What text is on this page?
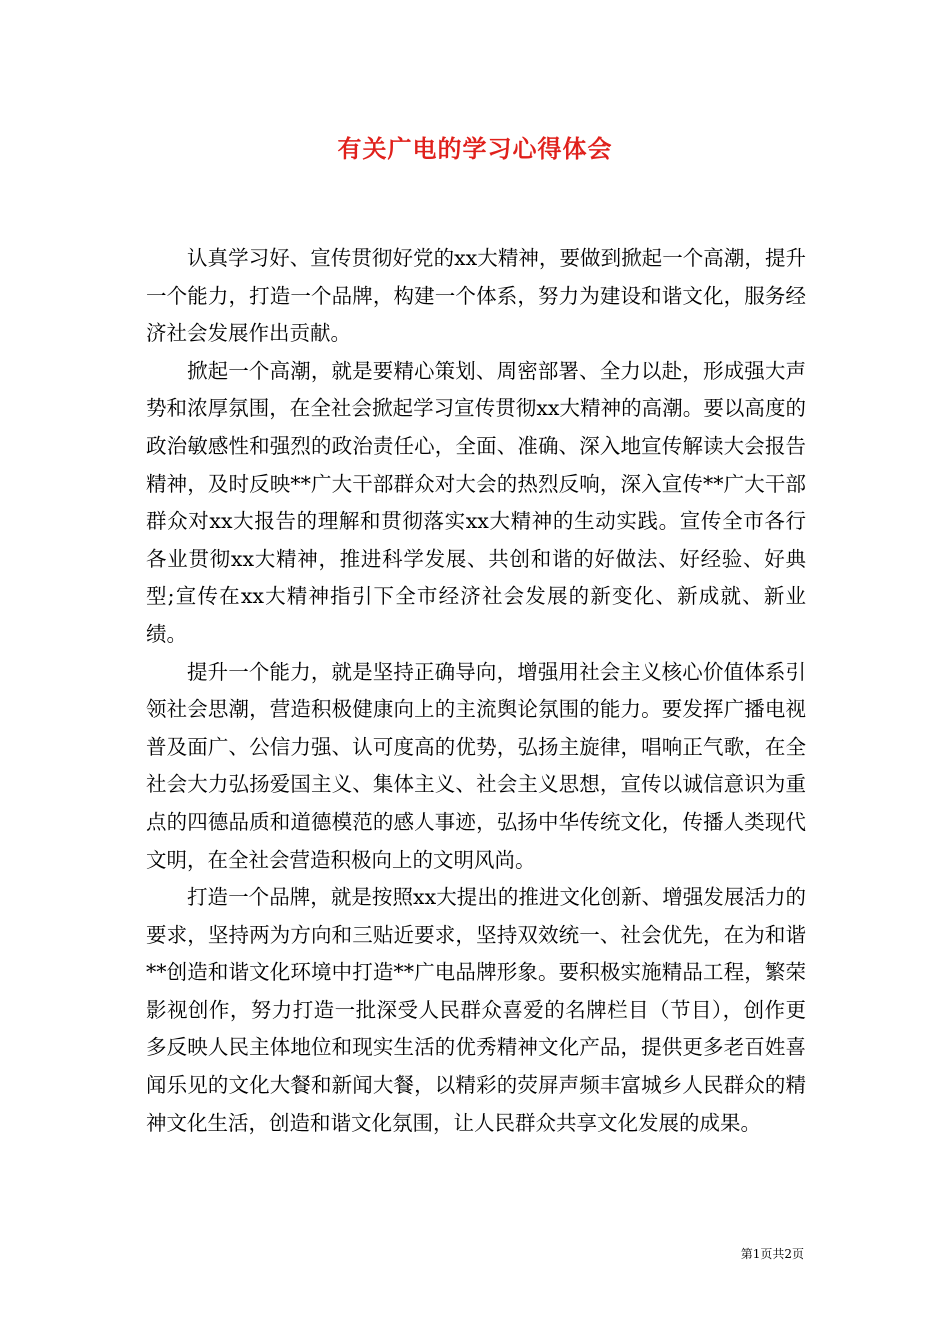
有关广电的学习心得体会

认真学习好、宣传贯彻好党的xx大精神，要做到掀起一个高潮，提升一个能力，打造一个品牌，构建一个体系，努力为建设和谐文化，服务经济社会发展作出贡献。

掀起一个高潮，就是要精心策划、周密部署、全力以赴，形成强大声势和浓厚氛围，在全社会掀起学习宣传贯彻xx大精神的高潮。要以高度的政治敏感性和强烈的政治责任心，全面、准确、深入地宣传解读大会报告精神，及时反映**广大干部群众对大会的热烈反响，深入宣传**广大干部群众对xx大报告的理解和贯彻落实xx大精神的生动实践。宣传全市各行各业贯彻xx大精神，推进科学发展、共创和谐的好做法、好经验、好典型;宣传在xx大精神指引下全市经济社会发展的新变化、新成就、新业绩。

提升一个能力，就是坚持正确导向，增强用社会主义核心价值体系引领社会思潮，营造积极健康向上的主流舆论氛围的能力。要发挥广播电视普及面广、公信力强、认可度高的优势，弘扬主旋律，唱响正气歌，在全社会大力弘扬爱国主义、集体主义、社会主义思想，宣传以诚信意识为重点的四德品质和道德模范的感人事迹，弘扬中华传统文化，传播人类现代文明，在全社会营造积极向上的文明风尚。

打造一个品牌，就是按照xx大提出的推进文化创新、增强发展活力的要求，坚持两为方向和三贴近要求，坚持双效统一、社会优先，在为和谐**创造和谐文化环境中打造**广电品牌形象。要积极实施精品工程，繁荣影视创作，努力打造一批深受人民群众喜爱的名牌栏目（节目），创作更多反映人民主体地位和现实生活的优秀精神文化产品，提供更多老百姓喜闻乐见的文化大餐和新闻大餐，以精彩的荧屏声频丰富城乡人民群众的精神文化生活，创造和谐文化氛围，让人民群众共享文化发展的成果。

第1页共2页
